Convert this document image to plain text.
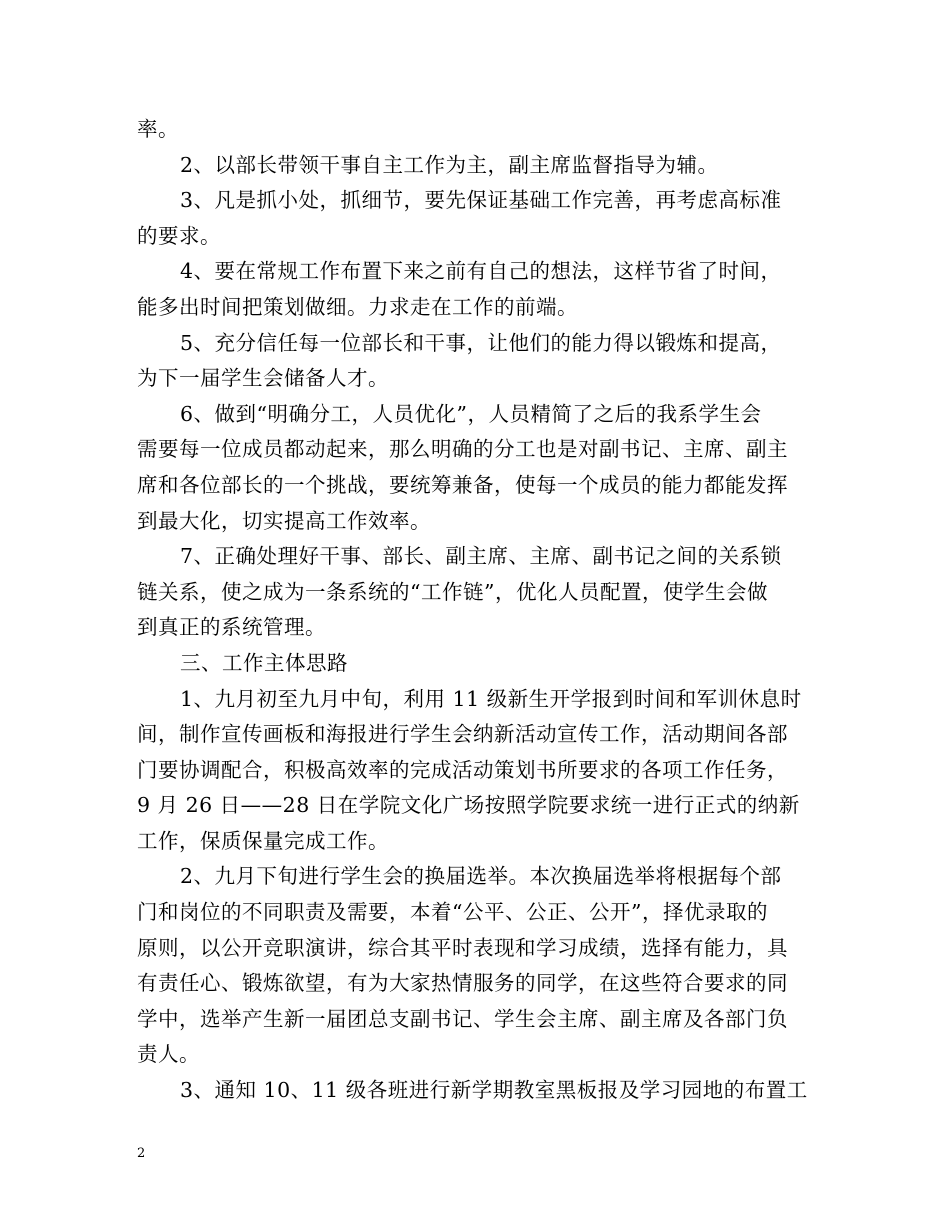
率。
2、以部长带领干事自主工作为主，副主席监督指导为辅。
3、凡是抓小处，抓细节，要先保证基础工作完善，再考虑高标准
的要求。
4、要在常规工作布置下来之前有自己的想法，这样节省了时间，
能多出时间把策划做细。力求走在工作的前端。
5、充分信任每一位部长和干事，让他们的能力得以锻炼和提高，
为下一届学生会储备人才。
6、做到“明确分工，人员优化”，人员精简了之后的我系学生会
需要每一位成员都动起来，那么明确的分工也是对副书记、主席、副主
席和各位部长的一个挑战，要统筹兼备，使每一个成员的能力都能发挥
到最大化，切实提高工作效率。
7、正确处理好干事、部长、副主席、主席、副书记之间的关系锁
链关系，使之成为一条系统的“工作链”，优化人员配置，使学生会做
到真正的系统管理。
三、工作主体思路
1、九月初至九月中旬，利用 11 级新生开学报到时间和军训休息时
间，制作宣传画板和海报进行学生会纳新活动宣传工作，活动期间各部
门要协调配合，积极高效率的完成活动策划书所要求的各项工作任务，
9 月 26 日——28 日在学院文化广场按照学院要求统一进行正式的纳新
工作，保质保量完成工作。
2、九月下旬进行学生会的换届选举。本次换届选举将根据每个部
门和岗位的不同职责及需要，本着“公平、公正、公开”，择优录取的
原则，以公开竞职演讲，综合其平时表现和学习成绩，选择有能力，具
有责任心、锻炼欲望，有为大家热情服务的同学，在这些符合要求的同
学中，选举产生新一届团总支副书记、学生会主席、副主席及各部门负
责人。
3、通知 10、11 级各班进行新学期教室黑板报及学习园地的布置工
2
